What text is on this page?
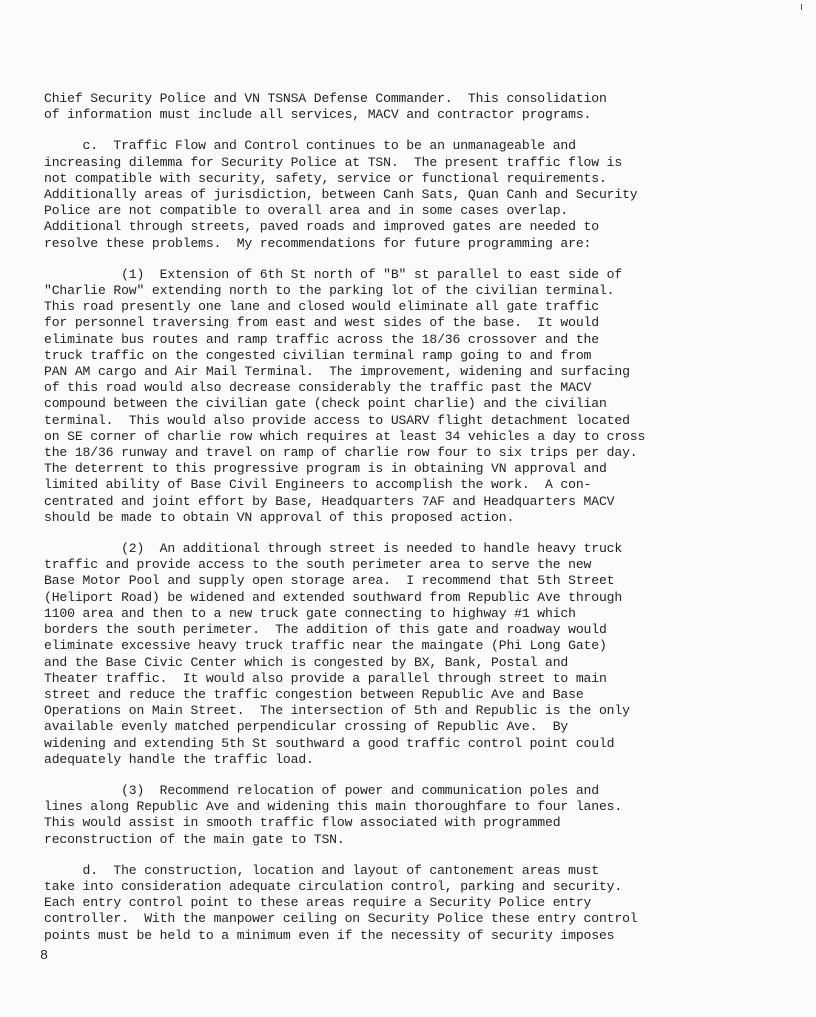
Chief Security Police and VN TSNSA Defense Commander.  This consolidation
of information must include all services, MACV and contractor programs.
c.  Traffic Flow and Control continues to be an unmanageable and
increasing dilemma for Security Police at TSN.  The present traffic flow is
not compatible with security, safety, service or functional requirements.
Additionally areas of jurisdiction, between Canh Sats, Quan Canh and Security
Police are not compatible to overall area and in some cases overlap.
Additional through streets, paved roads and improved gates are needed to
resolve these problems.  My recommendations for future programming are:
(1)  Extension of 6th St north of "B" st parallel to east side of
"Charlie Row" extending north to the parking lot of the civilian terminal.
This road presently one lane and closed would eliminate all gate traffic
for personnel traversing from east and west sides of the base.  It would
eliminate bus routes and ramp traffic across the 18/36 crossover and the
truck traffic on the congested civilian terminal ramp going to and from
PAN AM cargo and Air Mail Terminal.  The improvement, widening and surfacing
of this road would also decrease considerably the traffic past the MACV
compound between the civilian gate (check point charlie) and the civilian
terminal.  This would also provide access to USARV flight detachment located
on SE corner of charlie row which requires at least 34 vehicles a day to cross
the 18/36 runway and travel on ramp of charlie row four to six trips per day.
The deterrent to this progressive program is in obtaining VN approval and
limited ability of Base Civil Engineers to accomplish the work.  A con-
centrated and joint effort by Base, Headquarters 7AF and Headquarters MACV
should be made to obtain VN approval of this proposed action.
(2)  An additional through street is needed to handle heavy truck
traffic and provide access to the south perimeter area to serve the new
Base Motor Pool and supply open storage area.  I recommend that 5th Street
(Heliport Road) be widened and extended southward from Republic Ave through
1100 area and then to a new truck gate connecting to highway #1 which
borders the south perimeter.  The addition of this gate and roadway would
eliminate excessive heavy truck traffic near the maingate (Phi Long Gate)
and the Base Civic Center which is congested by BX, Bank, Postal and
Theater traffic.  It would also provide a parallel through street to main
street and reduce the traffic congestion between Republic Ave and Base
Operations on Main Street.  The intersection of 5th and Republic is the only
available evenly matched perpendicular crossing of Republic Ave.  By
widening and extending 5th St southward a good traffic control point could
adequately handle the traffic load.
(3)  Recommend relocation of power and communication poles and
lines along Republic Ave and widening this main thoroughfare to four lanes.
This would assist in smooth traffic flow associated with programmed
reconstruction of the main gate to TSN.
d.  The construction, location and layout of cantonement areas must
take into consideration adequate circulation control, parking and security.
Each entry control point to these areas require a Security Police entry
controller.  With the manpower ceiling on Security Police these entry control
points must be held to a minimum even if the necessity of security imposes
8
